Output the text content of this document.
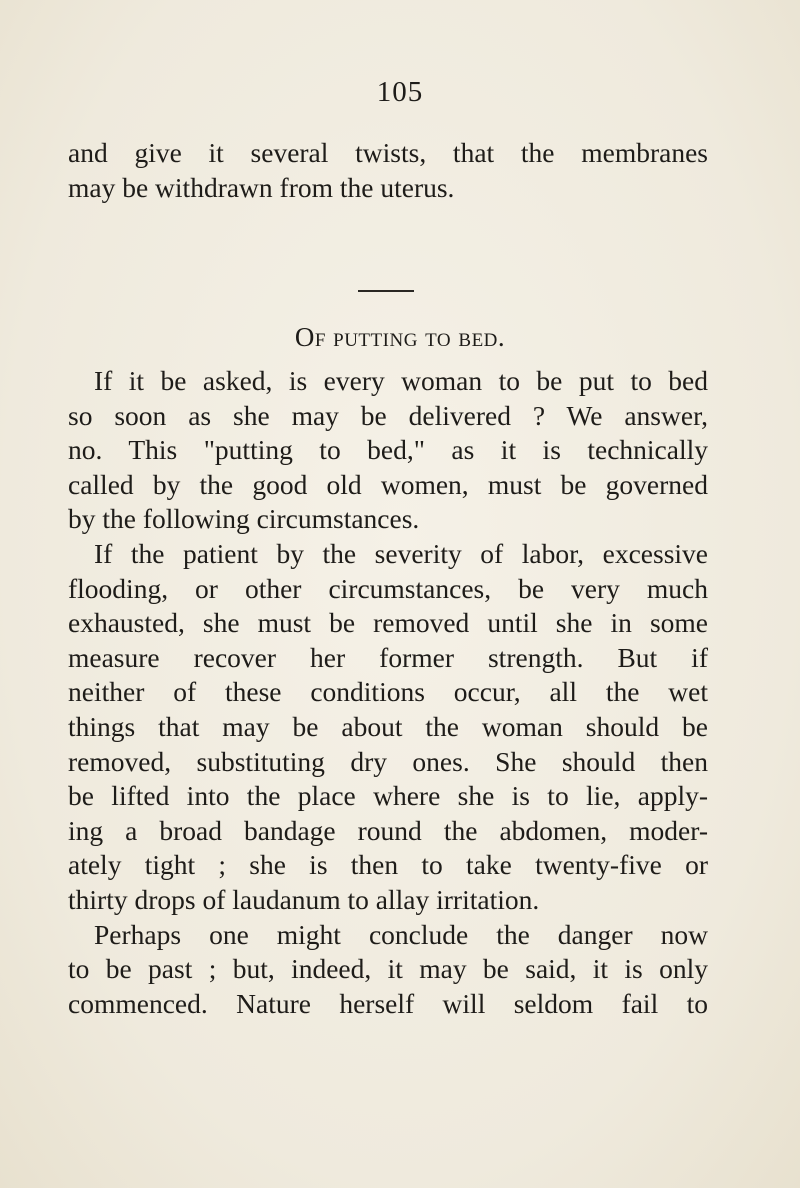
105
and give it several twists, that the membranes
may be withdrawn from the uterus.
Of putting to bed.

If it be asked, is every woman to be put to bed
so soon as she may be delivered ? We answer,
no. This "putting to bed," as it is technically
called by the good old women, must be governed
by the following circumstances.

If the patient by the severity of labor, excessive
flooding, or other circumstances, be very much
exhausted, she must be removed until she in some
measure recover her former strength. But if
neither of these conditions occur, all the wet
things that may be about the woman should be
removed, substituting dry ones. She should then
be lifted into the place where she is to lie, apply-
ing a broad bandage round the abdomen, moder-
ately tight ; she is then to take twenty-five or
thirty drops of laudanum to allay irritation.

Perhaps one might conclude the danger now
to be past ; but, indeed, it may be said, it is only
commenced. Nature herself will seldom fail to
